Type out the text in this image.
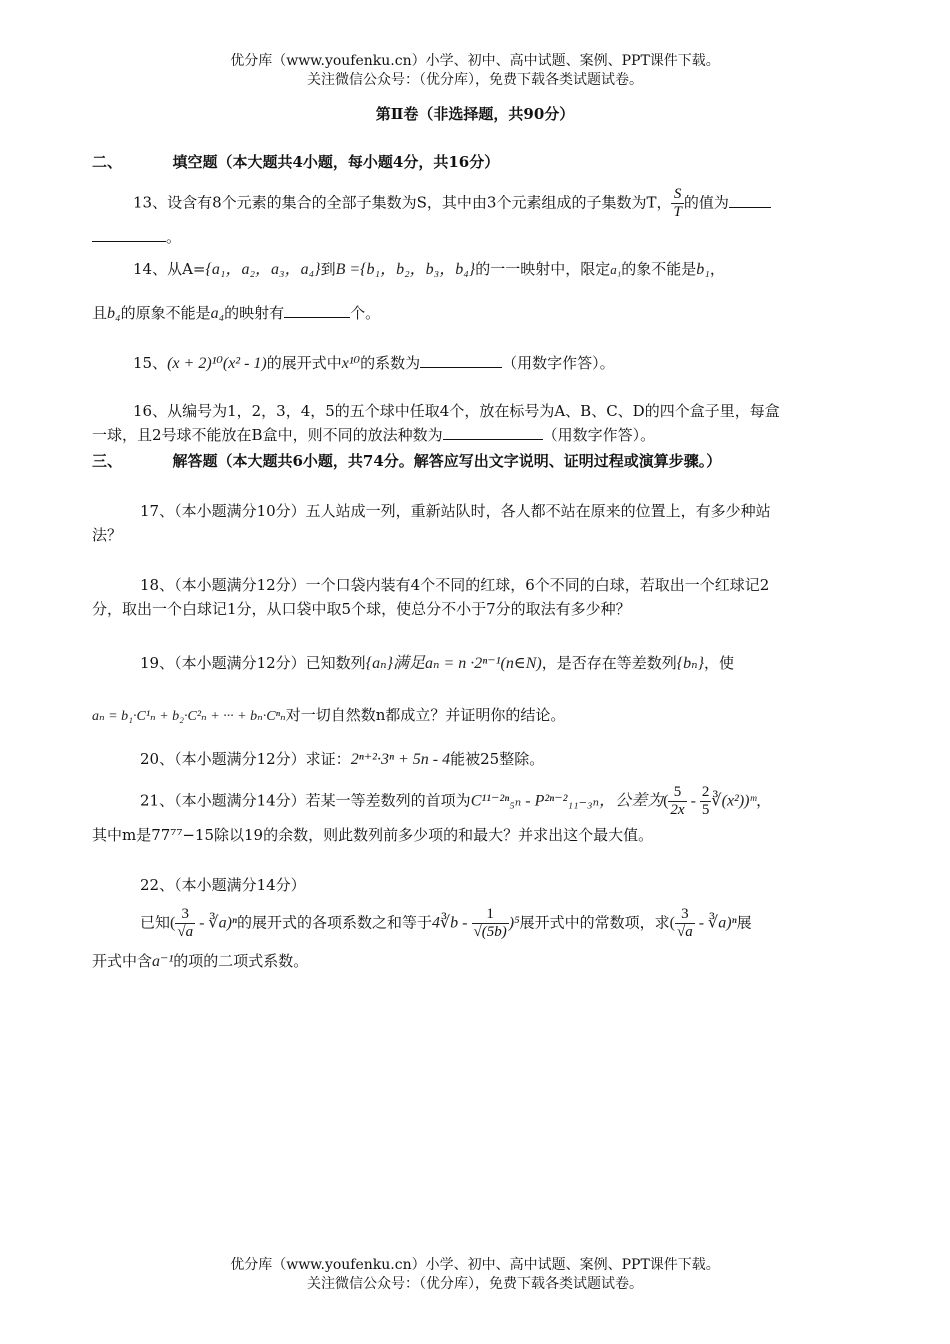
优分库（www.youfenku.cn）小学、初中、高中试题、案例、PPT课件下载。
关注微信公众号：（优分库），免费下载各类试题试卷。
第Ⅱ卷（非选择题，共90分）
二、	填空题（本大题共4小题，每小题4分，共16分）
13、设含有8个元素的集合的全部子集数为S，其中由3个元素组成的子集数为T， $\frac{S}{T}$ 的值为
。
14、从A={a₁，a₂，a₃，a₄}到B ={b₁，b₂，b₃，b₄}的一一映射中，限定a₁的象不能是b₁，
且b₄的原象不能是a₄的映射有	个。
15、(x + 2)¹⁰(x² - 1)的展开式中x¹⁰的系数为	（用数字作答）。
16、从编号为1，2，3，4，5的五个球中任取4个，放在标号为A、B、C、D的四个盒子里，每盒
一球，且2号球不能放在B盒中，则不同的放法种数为	（用数字作答）。
三、	解答题（本大题共6小题，共74分。解答应写出文字说明、证明过程或演算步骤。）
17、（本小题满分10分）五人站成一列，重新站队时，各人都不站在原来的位置上，有多少种站
法？
18、（本小题满分12分）一个口袋内装有4个不同的红球，6个不同的白球，若取出一个红球记2
分，取出一个白球记1分，从口袋中取5个球，使总分不小于7分的取法有多少种？
19、（本小题满分12分）已知数列{aₙ}满足aₙ = n ·2ⁿ⁻¹(n∈N)，是否存在等差数列{bₙ}，使
aₙ = b₁·C¹ₙ + b₂·C²ₙ + ··· + bₙ·Cⁿₙ对一切自然数n都成立？并证明你的结论。
20、（本小题满分12分）求证：2ⁿ⁺²·3ⁿ + 5n - 4能被25整除。
21、（本小题满分14分）若某一等差数列的首项为C¹¹⁻²ⁿ₅ₙ - P²ⁿ⁻²₁₁₋₃ₙ，公差为( $\frac{5}{2x} - \frac{2}{5}$ ∛(x²))ᵐ，
其中m是77⁷⁷−15除以19的余数，则此数列前多少项的和最大？并求出这个最大值。
22、（本小题满分14分）
已知( $\frac{3}{√a}$ - ∛a)ⁿ的展开式的各项系数之和等于4∛b - $\frac{1}{√(5b)} )^5$展开式中的常数项，求( $\frac{3}{√a}$ - ∛a)ⁿ展
开式中含a⁻¹的项的二项式系数。
优分库（www.youfenku.cn）小学、初中、高中试题、案例、PPT课件下载。
关注微信公众号：（优分库），免费下载各类试题试卷。
